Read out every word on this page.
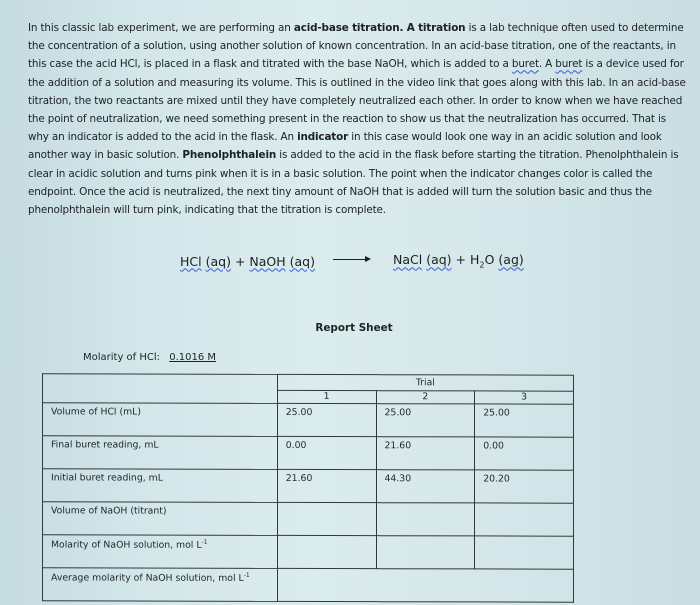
In this classic lab experiment, we are performing an acid-base titration. A titration is a lab technique often used to determine the concentration of a solution, using another solution of known concentration. In an acid-base titration, one of the reactants, in this case the acid HCl, is placed in a flask and titrated with the base NaOH, which is added to a buret. A buret is a device used for the addition of a solution and measuring its volume. This is outlined in the video link that goes along with this lab. In an acid-base titration, the two reactants are mixed until they have completely neutralized each other. In order to know when we have reached the point of neutralization, we need something present in the reaction to show us that the neutralization has occurred. That is why an indicator is added to the acid in the flask. An indicator in this case would look one way in an acidic solution and look another way in basic solution. Phenolphthalein is added to the acid in the flask before starting the titration. Phenolphthalein is clear in acidic solution and turns pink when it is in a basic solution. The point when the indicator changes color is called the endpoint. Once the acid is neutralized, the next tiny amount of NaOH that is added will turn the solution basic and thus the phenolphthalein will turn pink, indicating that the titration is complete.

HCl (aq) + NaOH (aq) → NaCl $(aq) + H_2O$ (ag)
Report Sheet
Molarity of HCl: 0.1016 M
	Trial		
	1	2	3
Volume of HCl (mL)	25.00	25.00	25.00
Final buret reading, mL	0.00	21.60	0.00
Initial buret reading, mL	21.60	44.30	20.20
Volume of NaOH (titrant)			
Molarity of NaOH solution, mol $L^{-1}$			
Average molarity of NaOH solution, mol $L^{-1}$	
